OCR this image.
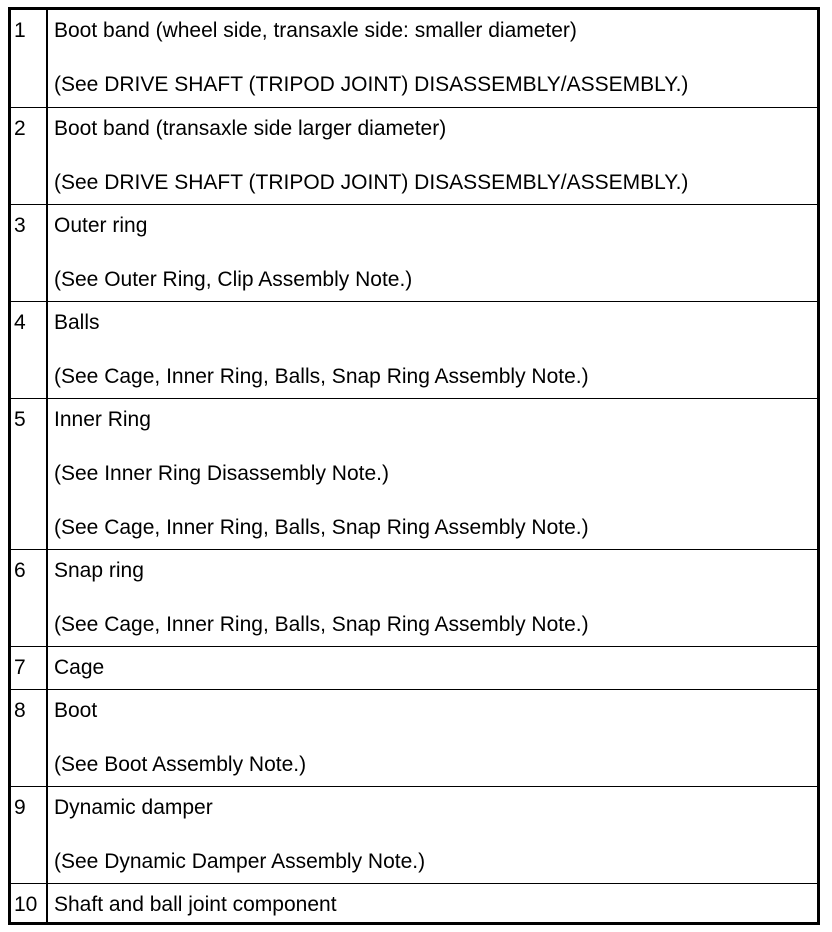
1	Boot band (wheel side, transaxle side: smaller diameter)
(See DRIVE SHAFT (TRIPOD JOINT) DISASSEMBLY/ASSEMBLY.)

2	Boot band (transaxle side larger diameter)
(See DRIVE SHAFT (TRIPOD JOINT) DISASSEMBLY/ASSEMBLY.)

3	Outer ring
(See Outer Ring, Clip Assembly Note.)

4	Balls
(See Cage, Inner Ring, Balls, Snap Ring Assembly Note.)

5	Inner Ring
(See Inner Ring Disassembly Note.)
(See Cage, Inner Ring, Balls, Snap Ring Assembly Note.)

6	Snap ring
(See Cage, Inner Ring, Balls, Snap Ring Assembly Note.)

7	Cage

8	Boot
(See Boot Assembly Note.)

9	Dynamic damper
(See Dynamic Damper Assembly Note.)

10	Shaft and ball joint component
